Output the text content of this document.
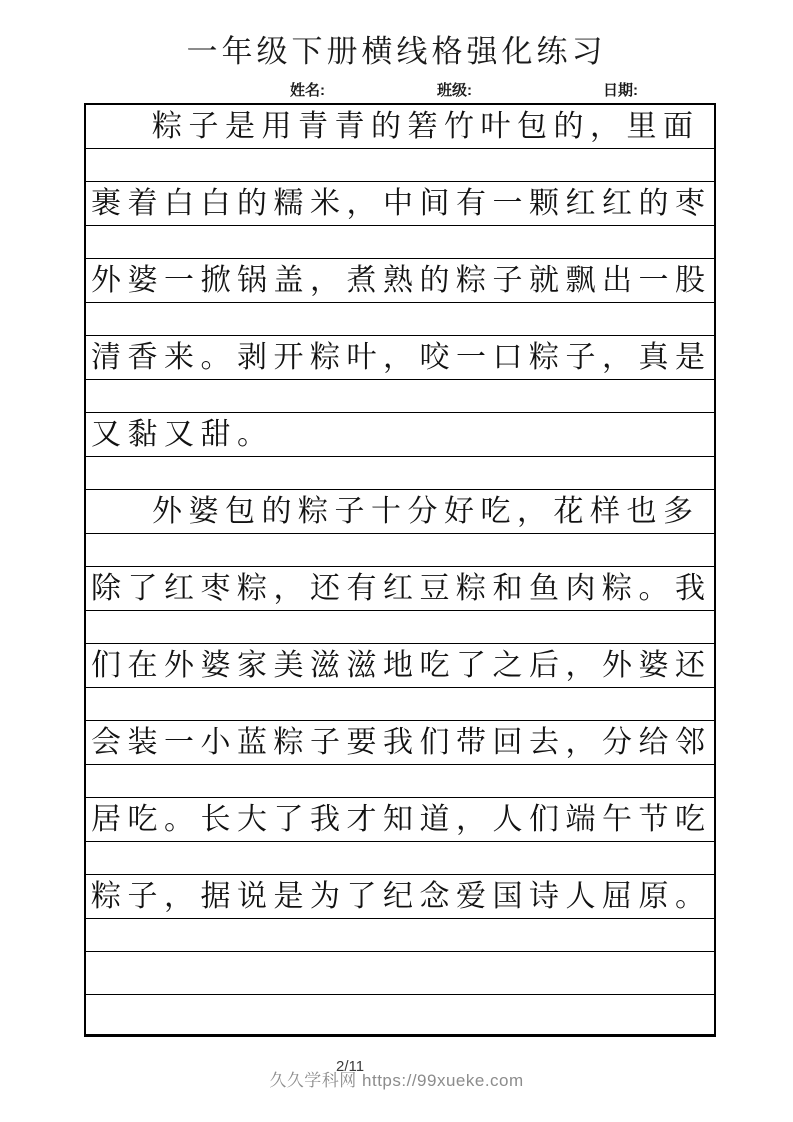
一年级下册横线格强化练习
姓名:	班级:	日期:
粽子是用青青的箬竹叶包的，里面
裹着白白的糯米，中间有一颗红红的枣
外婆一掀锅盖，煮熟的粽子就飘出一股
清香来。剥开粽叶，咬一口粽子，真是
又黏又甜。
外婆包的粽子十分好吃，花样也多
除了红枣粽，还有红豆粽和鱼肉粽。我
们在外婆家美滋滋地吃了之后，外婆还
会装一小蓝粽子要我们带回去，分给邻
居吃。长大了我才知道，人们端午节吃
粽子，据说是为了纪念爱国诗人屈原。
久久学科网 https://99xueke.com
2/11
